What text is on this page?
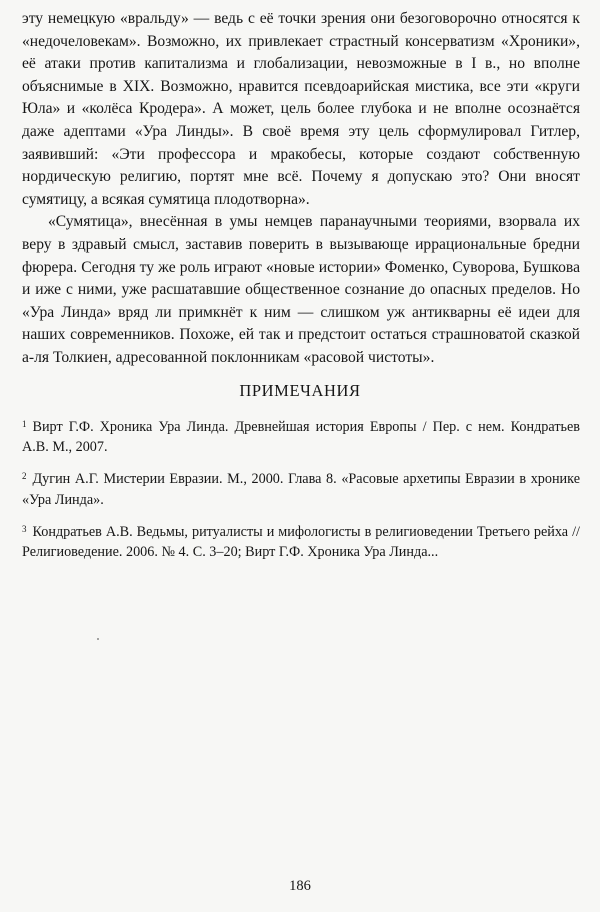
эту немецкую «вральду» — ведь с её точки зрения они безоговорочно относятся к «недочеловекам». Возможно, их привлекает страстный консерватизм «Хроники», её атаки против капитализма и глобализации, невозможные в I в., но вполне объяснимые в XIX. Возможно, нравится псевдоарийская мистика, все эти «круги Юла» и «колёса Кродера». А может, цель более глубока и не вполне осознаётся даже адептами «Ура Линды». В своё время эту цель сформулировал Гитлер, заявивший: «Эти профессора и мракобесы, которые создают собственную нордическую религию, портят мне всё. Почему я допускаю это? Они вносят сумятицу, а всякая сумятица плодотворна».

«Сумятица», внесённая в умы немцев паранаучными теориями, взорвала их веру в здравый смысл, заставив поверить в вызывающе иррациональные бредни фюрера. Сегодня ту же роль играют «новые истории» Фоменко, Суворова, Бушкова и иже с ними, уже расшатавшие общественное сознание до опасных пределов. Но «Ура Линда» вряд ли примкнёт к ним — слишком уж антикварны её идеи для наших современников. Похоже, ей так и предстоит остаться страшноватой сказкой а-ля Толкиен, адресованной поклонникам «расовой чистоты».

ПРИМЕЧАНИЯ

$^1$ Вирт Г.Ф. Хроника Ура Линда. Древнейшая история Европы / Пер. с нем. Кондратьев А.В. М., 2007.

$^2$ Дугин А.Г. Мистерии Евразии. М., 2000. Глава 8. «Расовые архетипы Евразии в хронике «Ура Линда».

$^3$ Кондратьев А.В. Ведьмы, ритуалисты и мифологисты в религиоведении Третьего рейха // Религиоведение. 2006. № 4. С. 3–20; Вирт Г.Ф. Хроника Ура Линда...

186
